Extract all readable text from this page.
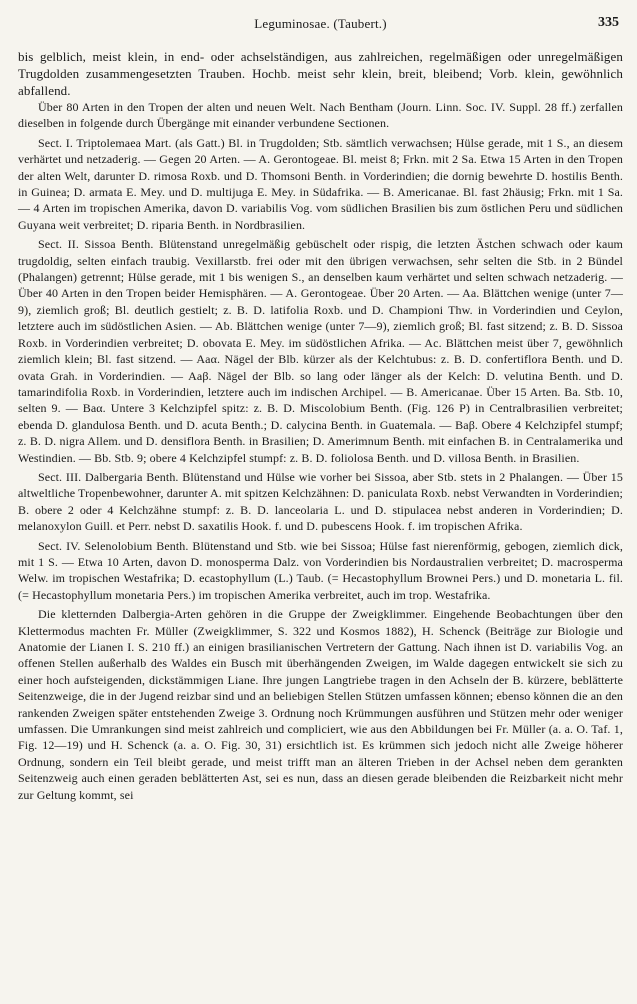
Leguminosae. (Taubert.)	335

bis gelblich, meist klein, in end- oder achselständigen, aus zahlreichen, regelmäßigen oder unregelmäßigen Trugdolden zusammengesetzten Trauben. Hochb. meist sehr klein, breit, bleibend; Vorb. klein, gewöhnlich abfallend.

Über 80 Arten in den Tropen der alten und neuen Welt. Nach Bentham (Journ. Linn. Soc. IV. Suppl. 28 ff.) zerfallen dieselben in folgende durch Übergänge mit einander verbundene Sectionen.

Sect. I. Triptolemaea Mart. (als Gatt.) Bl. in Trugdolden; Stb. sämtlich verwachsen; Hülse gerade, mit 1 S., an diesem verhärtet und netzaderig. — Gegen 20 Arten. — A. Gerontogeae. Bl. meist 8; Frkn. mit 2 Sa. Etwa 15 Arten in den Tropen der alten Welt, darunter D. rimosa Roxb. und D. Thomsoni Benth. in Vorderindien; die dornig bewehrte D. hostilis Benth. in Guinea; D. armata E. Mey. und D. multijuga E. Mey. in Südafrika. — B. Americanae. Bl. fast 2häusig; Frkn. mit 1 Sa. — 4 Arten im tropischen Amerika, davon D. variabilis Vog. vom südlichen Brasilien bis zum östlichen Peru und südlichen Guyana weit verbreitet; D. riparia Benth. in Nordbrasilien.

Sect. II. Sissoa Benth. Blütenstand unregelmäßig gebüschelt oder rispig, die letzten Ästchen schwach oder kaum trugdoldig, selten einfach traubig. Vexillarstb. frei oder mit den übrigen verwachsen, sehr selten die Stb. in 2 Bündel (Phalangen) getrennt; Hülse gerade, mit 1 bis wenigen S., an denselben kaum verhärtet und selten schwach netzaderig. — Über 40 Arten in den Tropen beider Hemisphären. — A. Gerontogeae. Über 20 Arten. — Aa. Blättchen wenige (unter 7—9), ziemlich groß; Bl. deutlich gestielt; z. B. D. latifolia Roxb. und D. Championi Thw. in Vorderindien und Ceylon, letztere auch im südöstlichen Asien. — Ab. Blättchen wenige (unter 7—9), ziemlich groß; Bl. fast sitzend; z. B. D. Sissoa Roxb. in Vorderindien verbreitet; D. obovata E. Mey. im südöstlichen Afrika. — Ac. Blättchen meist über 7, gewöhnlich ziemlich klein; Bl. fast sitzend. — Aaα. Nägel der Blb. kürzer als der Kelchtubus: z. B. D. confertiflora Benth. und D. ovata Grah. in Vorderindien. — Aaβ. Nägel der Blb. so lang oder länger als der Kelch: D. velutina Benth. und D. tamarindifolia Roxb. in Vorderindien, letztere auch im indischen Archipel. — B. Americanae. Über 15 Arten. Ba. Stb. 10, selten 9. — Baα. Untere 3 Kelchzipfel spitz: z. B. D. Miscolobium Benth. (Fig. 126 P) in Centralbrasilien verbreitet; ebenda D. glandulosa Benth. und D. acuta Benth.; D. calycina Benth. in Guatemala. — Baβ. Obere 4 Kelchzipfel stumpf; z. B. D. nigra Allem. und D. densiflora Benth. in Brasilien; D. Amerimnum Benth. mit einfachen B. in Centralamerika und Westindien. — Bb. Stb. 9; obere 4 Kelchzipfel stumpf: z. B. D. foliolosa Benth. und D. villosa Benth. in Brasilien.

Sect. III. Dalbergaria Benth. Blütenstand und Hülse wie vorher bei Sissoa, aber Stb. stets in 2 Phalangen. — Über 15 altweltliche Tropenbewohner, darunter A. mit spitzen Kelchzähnen: D. paniculata Roxb. nebst Verwandten in Vorderindien; B. obere 2 oder 4 Kelchzähne stumpf: z. B. D. lanceolaria L. und D. stipulacea nebst anderen in Vorderindien; D. melanoxylon Guill. et Perr. nebst D. saxatilis Hook. f. und D. pubescens Hook. f. im tropischen Afrika.

Sect. IV. Selenolobium Benth. Blütenstand und Stb. wie bei Sissoa; Hülse fast nierenförmig, gebogen, ziemlich dick, mit 1 S. — Etwa 10 Arten, davon D. monosperma Dalz. von Vorderindien bis Nordaustralien verbreitet; D. macrosperma Welw. im tropischen Westafrika; D. ecastophyllum (L.) Taub. (= Hecastophyllum Brownei Pers.) und D. monetaria L. fil. (= Hecastophyllum monetaria Pers.) im tropischen Amerika verbreitet, auch im trop. Westafrika.

Die kletternden Dalbergia-Arten gehören in die Gruppe der Zweigklimmer. Eingehende Beobachtungen über den Klettermodus machten Fr. Müller (Zweigklimmer, S. 322 und Kosmos 1882), H. Schenck (Beiträge zur Biologie und Anatomie der Lianen I. S. 210 ff.) an einigen brasilianischen Vertretern der Gattung. Nach ihnen ist D. variabilis Vog. an offenen Stellen außerhalb des Waldes ein Busch mit überhängenden Zweigen, im Walde dagegen entwickelt sie sich zu einer hoch aufsteigenden, dickstämmigen Liane. Ihre jungen Langtriebe tragen in den Achseln der B. kürzere, beblätterte Seitenzweige, die in der Jugend reizbar sind und an beliebigen Stellen Stützen umfassen können; ebenso können die an den rankenden Zweigen später entstehenden Zweige 3. Ordnung noch Krümmungen ausführen und Stützen mehr oder weniger umfassen. Die Umrankungen sind meist zahlreich und compliciert, wie aus den Abbildungen bei Fr. Müller (a. a. O. Taf. 1, Fig. 12—19) und H. Schenck (a. a. O. Fig. 30, 31) ersichtlich ist. Es krümmen sich jedoch nicht alle Zweige höherer Ordnung, sondern ein Teil bleibt gerade, und meist trifft man an älteren Trieben in der Achsel neben dem gerankten Seitenzweig auch einen geraden beblätterten Ast, sei es nun, dass an diesen gerade bleibenden die Reizbarkeit nicht mehr zur Geltung kommt, sei
